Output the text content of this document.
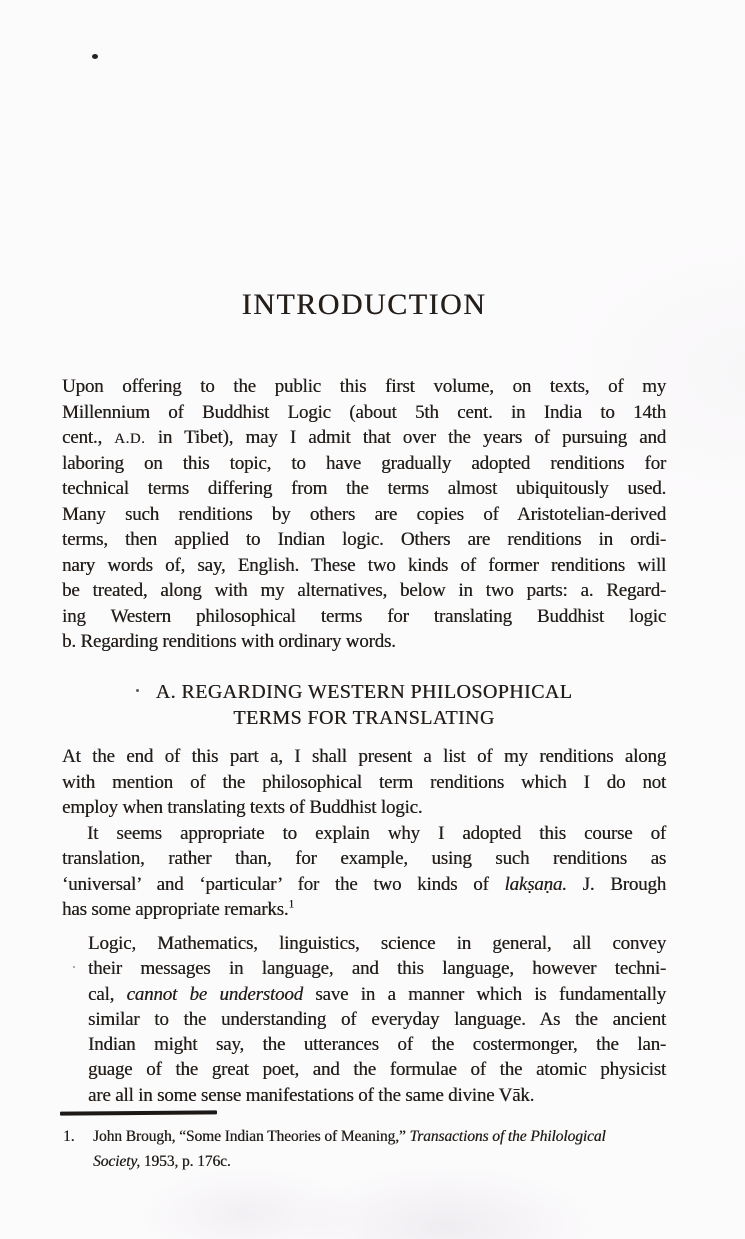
INTRODUCTION
Upon offering to the public this first volume, on texts, of my
Millennium of Buddhist Logic (about 5th cent. in India to 14th
cent., A.D. in Tibet), may I admit that over the years of pursuing and
laboring on this topic, to have gradually adopted renditions for
technical terms differing from the terms almost ubiquitously used.
Many such renditions by others are copies of Aristotelian-derived
terms, then applied to Indian logic. Others are renditions in ordi-
nary words of, say, English. These two kinds of former renditions will
be treated, along with my alternatives, below in two parts: a. Regard-
ing Western philosophical terms for translating Buddhist logic
b. Regarding renditions with ordinary words.
A. REGARDING WESTERN PHILOSOPHICAL
TERMS FOR TRANSLATING
At the end of this part a, I shall present a list of my renditions along
with mention of the philosophical term renditions which I do not
employ when translating texts of Buddhist logic.
It seems appropriate to explain why I adopted this course of
translation, rather than, for example, using such renditions as
‘universal’ and ‘particular’ for the two kinds of lakṣaṇa. J. Brough
has some appropriate remarks.$^1$
Logic, Mathematics, linguistics, science in general, all convey
their messages in language, and this language, however techni-
cal, cannot be understood save in a manner which is fundamentally
similar to the understanding of everyday language. As the ancient
Indian might say, the utterances of the costermonger, the lan-
guage of the great poet, and the formulae of the atomic physicist
are all in some sense manifestations of the same divine Vāk.
1. John Brough, “Some Indian Theories of Meaning,” Transactions of the Philological
Society, 1953, p. 176c.
